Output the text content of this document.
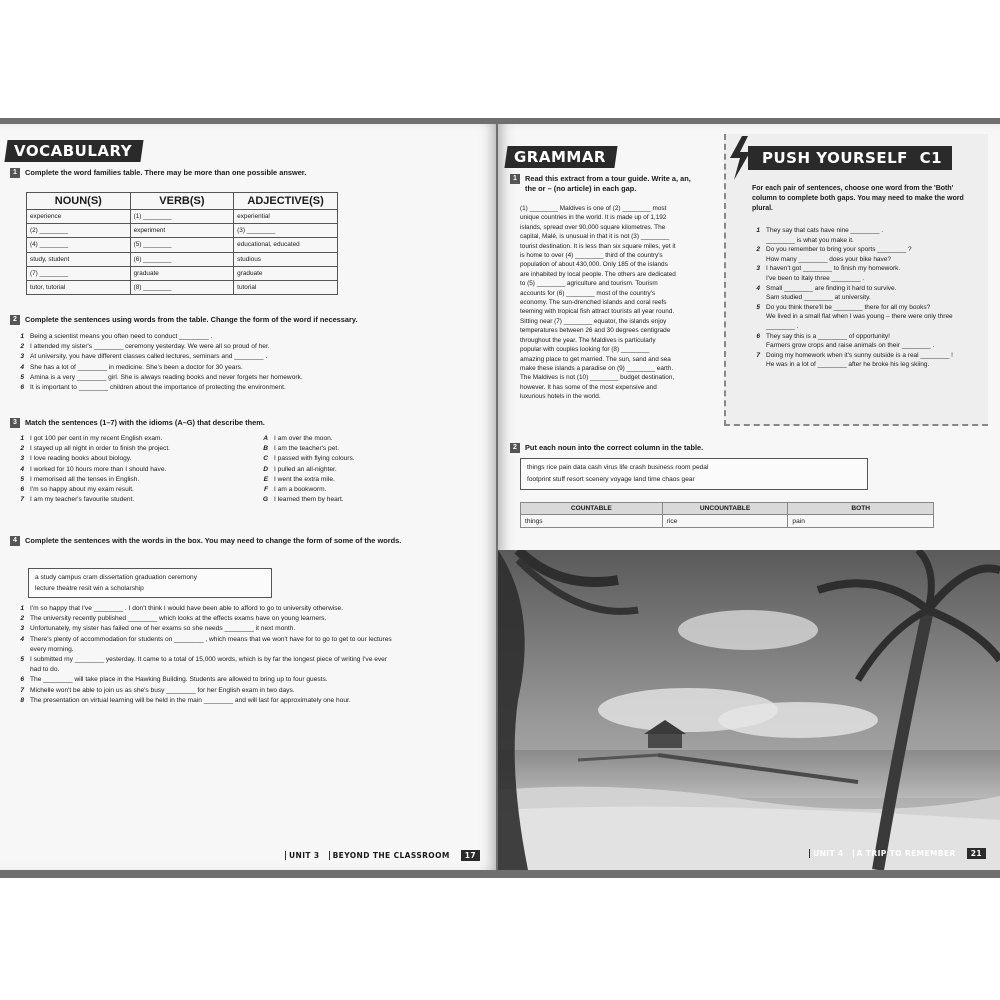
VOCABULARY
1 Complete the word families table. There may be more than one possible answer.
NOUN(S)	VERB(S)	ADJECTIVE(S)
experience	(1) ________	experiential
(2) ________	experiment	(3) ________
(4) ________	(5) ________	educational, educated
study, student	(6) ________	studious
(7) ________	graduate	graduate
tutor, tutorial	(8) ________	tutorial
2 Complete the sentences using words from the table. Change the form of the word if necessary.
1 Being a scientist means you often need to conduct ________ .
2 I attended my sister's ________ ceremony yesterday. We were all so proud of her.
3 At university, you have different classes called lectures, seminars and ________ .
4 She has a lot of ________ in medicine. She's been a doctor for 30 years.
5 Amina is a very ________ girl. She is always reading books and never forgets her homework.
6 It is important to ________ children about the importance of protecting the environment.
3 Match the sentences (1–7) with the idioms (A–G) that describe them.
1 I got 100 per cent in my recent English exam.	A I am over the moon.
2 I stayed up all night in order to finish the project.	B I am the teacher's pet.
3 I love reading books about biology.	C I passed with flying colours.
4 I worked for 10 hours more than I should have.	D I pulled an all-nighter.
5 I memorised all the tenses in English.	E I went the extra mile.
6 I'm so happy about my exam result.	F I am a bookworm.
7 I am my teacher's favourite student.	G I learned them by heart.
4 Complete the sentences with the words in the box. You may need to change the form of some of the words.
a study campus cram dissertation graduation ceremony
lecture theatre resit win a scholarship
1 I'm so happy that I've ________ . I don't think I would have been able to afford to go to university otherwise.
2 The university recently published ________ which looks at the effects exams have on young learners.
3 Unfortunately, my sister has failed one of her exams so she needs ________ it next month.
4 There's plenty of accommodation for students on ________ , which means that we won't have for to go to get to our lectures every morning.
5 I submitted my ________ yesterday. It came to a total of 15,000 words, which is by far the longest piece of writing I've ever had to do.
6 The ________ will take place in the Hawking Building. Students are allowed to bring up to four guests.
7 Michelle won't be able to join us as she's busy ________ for her English exam in two days.
8 The presentation on virtual learning will be held in the main ________ and will last for approximately one hour.
UNIT 3 BEYOND THE CLASSROOM 17
GRAMMAR
1 Read this extract from a tour guide. Write a, an,
the or – (no article) in each gap.
(1) ________ Maldives is one of (2) ________ most
unique countries in the world. It is made up of 1,192
islands, spread over 90,000 square kilometres. The
capital, Malé, is unusual in that it is not (3) ________
tourist destination. It is less than six square miles, yet it
is home to over (4) ________ third of the country's
population of about 430,000. Only 185 of the islands
are inhabited by local people. The others are dedicated
to (5) ________ agriculture and tourism. Tourism
accounts for (6) ________ most of the country's
economy. The sun-drenched islands and coral reefs
teeming with tropical fish attract tourists all year round.
Sitting near (7) ________ equator, the islands enjoy
temperatures between 26 and 30 degrees centigrade
throughout the year. The Maldives is particularly
popular with couples looking for (8) ________
amazing place to get married. The sun, sand and sea
make these islands a paradise on (9) ________ earth.
The Maldives is not (10) ________ budget destination,
however. It has some of the most expensive and
luxurious hotels in the world.
PUSH YOURSELF C1
For each pair of sentences, choose one word from the 'Both' column to complete both gaps. You may need to make the word plural.
1 They say that cats have nine ________ .
________ is what you make it.
2 Do you remember to bring your sports ________ ?
How many ________ does your bike have?
3 I haven't got ________ to finish my homework.
I've been to Italy three ________ .
4 Small ________ are finding it hard to survive.
Sam studied ________ at university.
5 Do you think there'll be ________ there for all my books?
We lived in a small flat when I was young – there were only three ________ .
6 They say this is a ________ of opportunity!
Farmers grow crops and raise animals on their ________ .
7 Doing my homework when it's sunny outside is a real ________ !
He was in a lot of ________ after he broke his leg skiing.
2 Put each noun into the correct column in the table.
things rice pain data cash virus life crash business room pedal
footprint stuff resort scenery voyage land time chaos gear
COUNTABLE	UNCOUNTABLE	BOTH
things	rice	pain
UNIT 4 A TRIP TO REMEMBER 21
